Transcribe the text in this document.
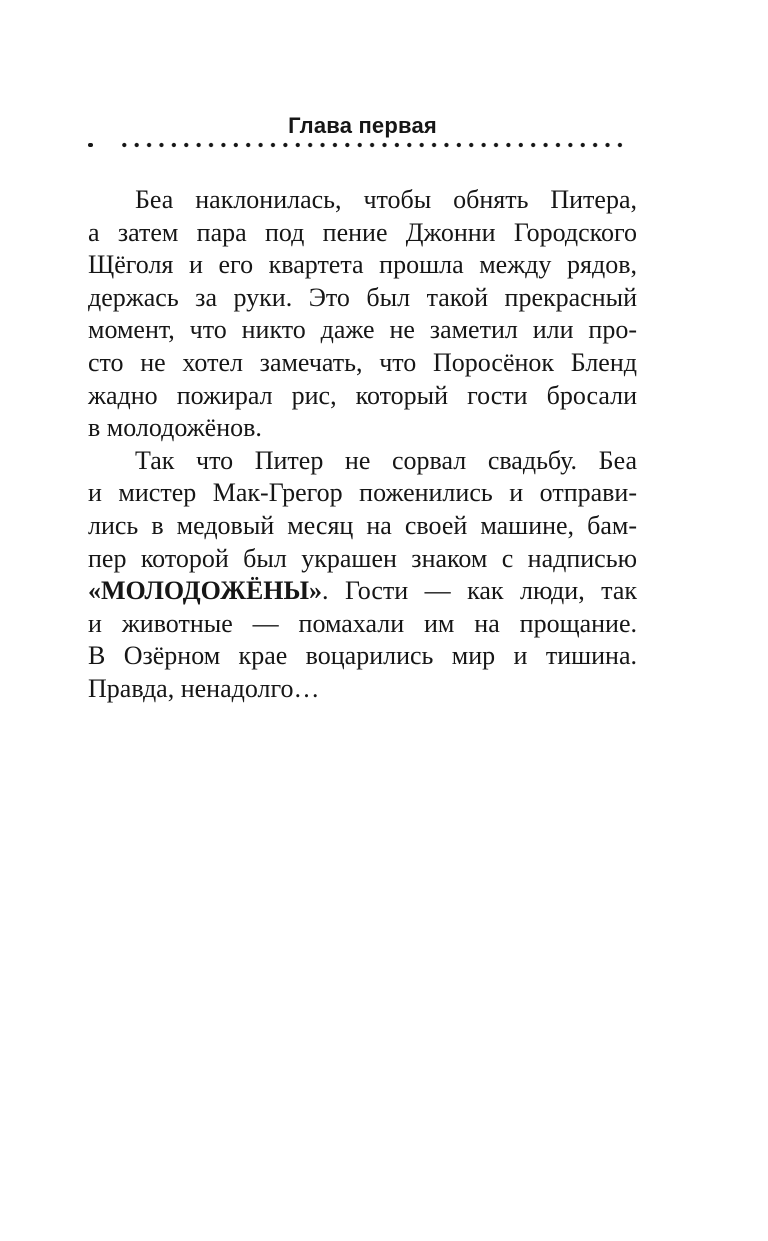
Глава первая
Беа наклонилась, чтобы обнять Питера,
а затем пара под пение Джонни Городского
Щёголя и его квартета прошла между рядов,
держась за руки. Это был такой прекрасный
момент, что никто даже не заметил или про-
сто не хотел замечать, что Поросёнок Бленд
жадно пожирал рис, который гости бросали
в молодожёнов.
Так что Питер не сорвал свадьбу. Беа
и мистер Мак-Грегор поженились и отправи-
лись в медовый месяц на своей машине, бам-
пер которой был украшен знаком с надписью
«МОЛОДОЖЁНЫ». Гости — как люди, так
и животные — помахали им на прощание.
В Озёрном крае воцарились мир и тишина.
Правда, ненадолго…
